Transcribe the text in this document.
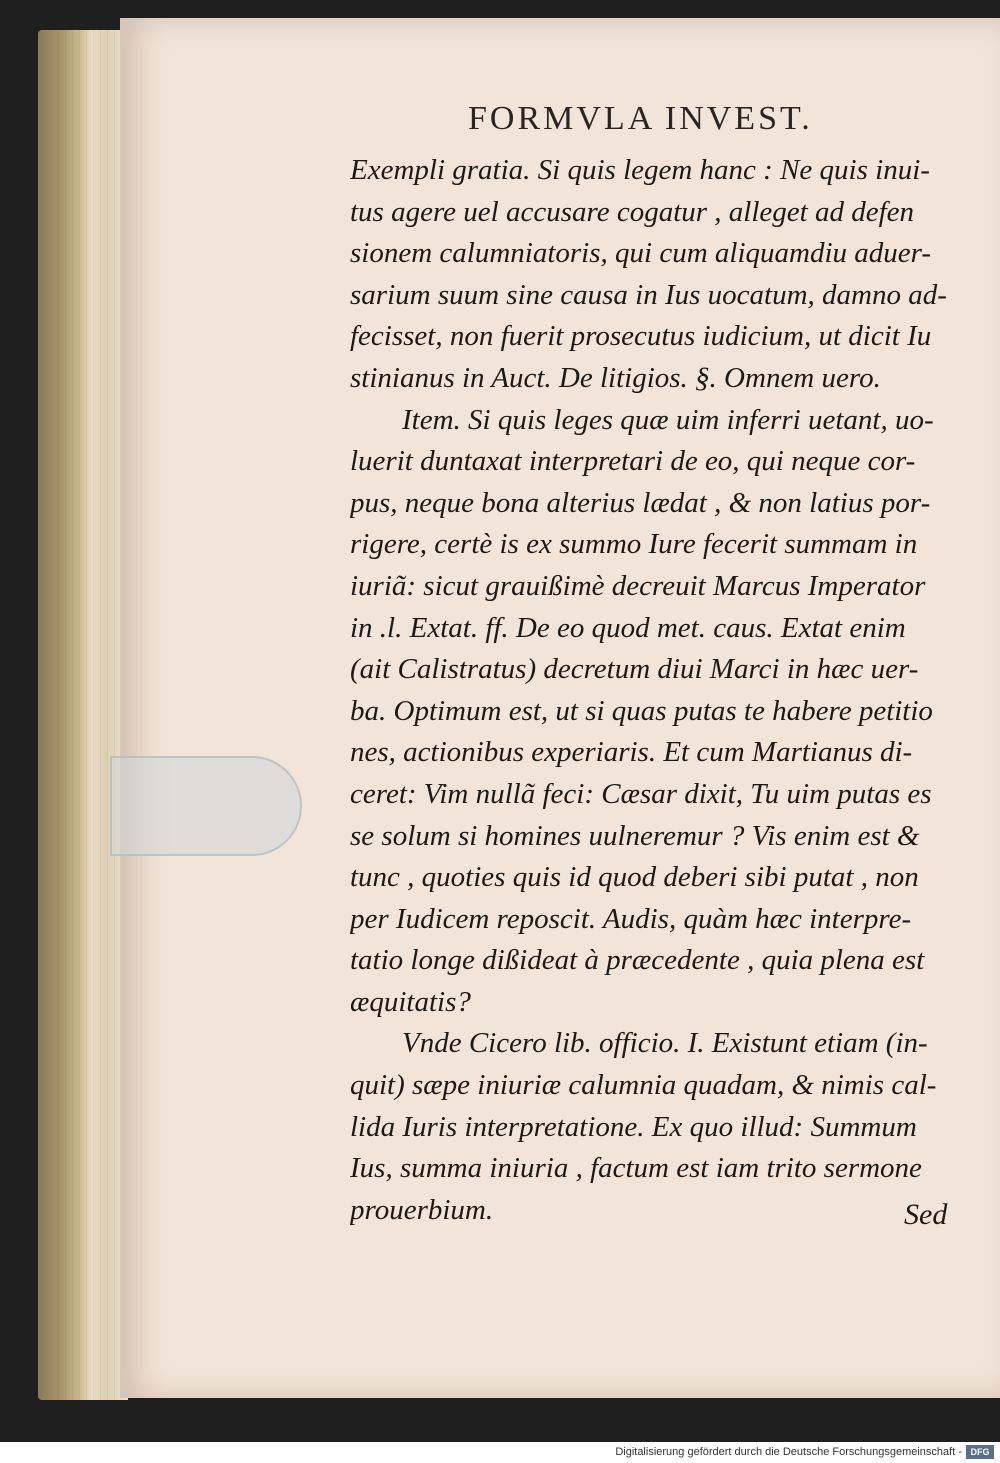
FORMVLA INVEST.
Exempli gratia. Si quis legem hanc : Ne quis inui-
tus agere uel accusare cogatur , alleget ad defen
sionem calumniatoris, qui cum aliquamdiu aduer-
sarium suum sine causa in Ius uocatum, damno ad-
fecisset, non fuerit prosecutus iudicium, ut dicit Iu
stinianus in Auct. De litigios. §. Omnem uero.
Item. Si quis leges quæ uim inferri uetant, uo-
luerit duntaxat interpretari de eo, qui neque cor-
pus, neque bona alterius lædat , & non latius por-
rigere, certè is ex summo Iure fecerit summam in
iuriã: sicut grauißimè decreuit Marcus Imperator
in .l. Extat. ff. De eo quod met. caus. Extat enim
(ait Calistratus) decretum diui Marci in hæc uer-
ba. Optimum est, ut si quas putas te habere petitio
nes, actionibus experiaris. Et cum Martianus di-
ceret: Vim nullã feci: Cæsar dixit, Tu uim putas es
se solum si homines uulneremur ? Vis enim est &
tunc , quoties quis id quod deberi sibi putat , non
per Iudicem reposcit. Audis, quàm hæc interpre-
tatio longe dißideat à præcedente , quia plena est
æquitatis?
Vnde Cicero lib. officio. I. Existunt etiam (in-
quit) sæpe iniuriæ calumnia quadam, & nimis cal-
lida Iuris interpretatione. Ex quo illud: Summum
Ius, summa iniuria , factum est iam trito sermone
prouerbium.	Sed
Digitalisierung gefördert durch die Deutsche Forschungsgemeinschaft - DFG
